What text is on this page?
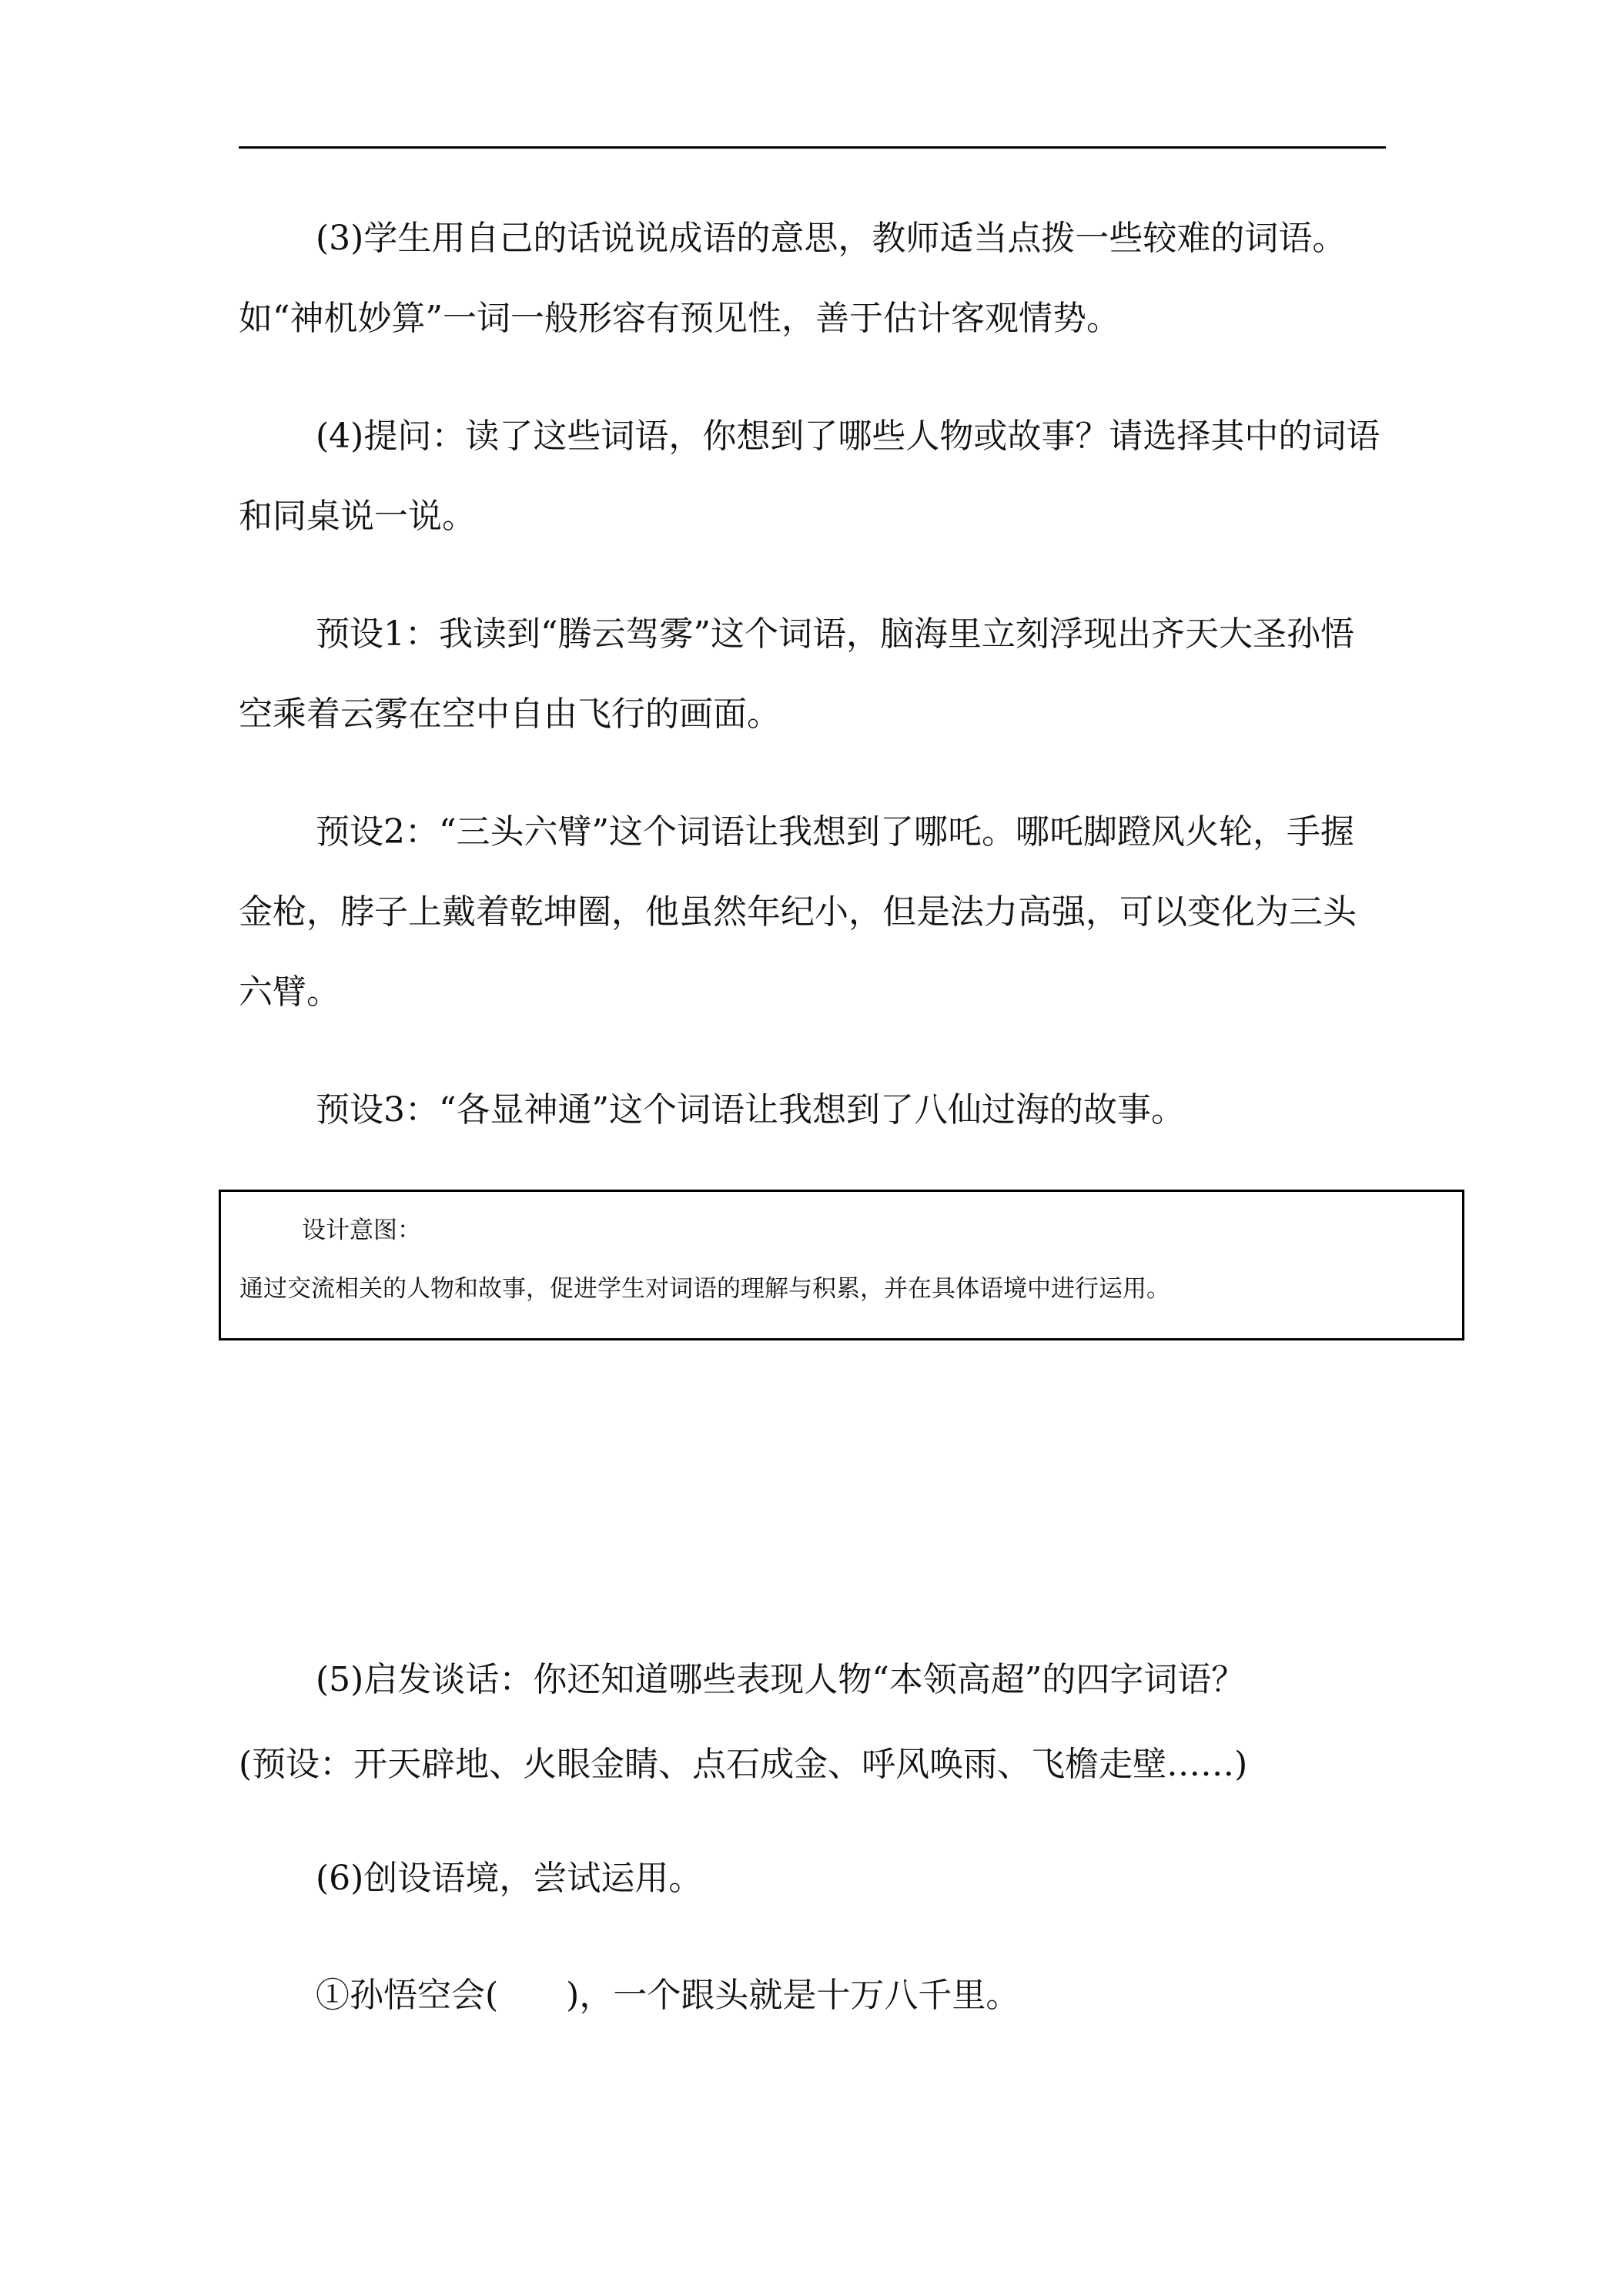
(3)学生用自己的话说说成语的意思，教师适当点拨一些较难的词语。如“神机妙算”一词一般形容有预见性，善于估计客观情势。

(4)提问：读了这些词语，你想到了哪些人物或故事？请选择其中的词语和同桌说一说。

预设1：我读到“腾云驾雾”这个词语，脑海里立刻浮现出齐天大圣孙悟空乘着云雾在空中自由飞行的画面。

预设2：“三头六臂”这个词语让我想到了哪吒。哪吒脚蹬风火轮，手握金枪，脖子上戴着乾坤圈，他虽然年纪小，但是法力高强，可以变化为三头六臂。

预设3：“各显神通”这个词语让我想到了八仙过海的故事。

设计意图：

通过交流相关的人物和故事，促进学生对词语的理解与积累，并在具体语境中进行运用。

(5)启发谈话：你还知道哪些表现人物“本领高超”的四字词语？

(预设：开天辟地、火眼金睛、点石成金、呼风唤雨、飞檐走壁……)

(6)创设语境，尝试运用。

①孙悟空会(　　)，一个跟头就是十万八千里。
